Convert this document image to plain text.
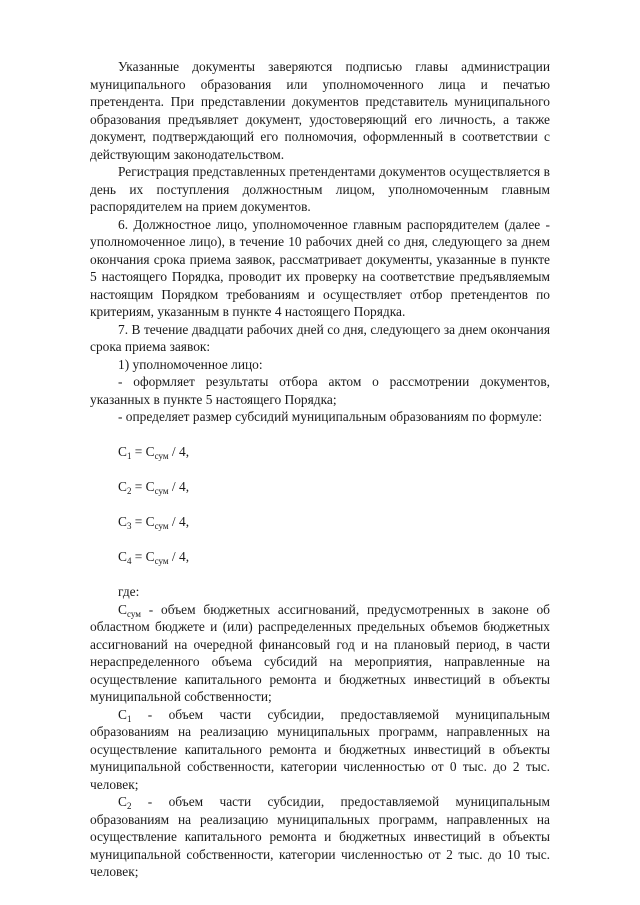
Указанные документы заверяются подписью главы администрации муниципального образования или уполномоченного лица и печатью претендента. При представлении документов представитель муниципального образования предъявляет документ, удостоверяющий его личность, а также документ, подтверждающий его полномочия, оформленный в соответствии с действующим законодательством.

Регистрация представленных претендентами документов осуществляется в день их поступления должностным лицом, уполномоченным главным распорядителем на прием документов.

6. Должностное лицо, уполномоченное главным распорядителем (далее - уполномоченное лицо), в течение 10 рабочих дней со дня, следующего за днем окончания срока приема заявок, рассматривает документы, указанные в пункте 5 настоящего Порядка, проводит их проверку на соответствие предъявляемым настоящим Порядком требованиям и осуществляет отбор претендентов по критериям, указанным в пункте 4 настоящего Порядка.

7. В течение двадцати рабочих дней со дня, следующего за днем окончания срока приема заявок:

1) уполномоченное лицо:

- оформляет результаты отбора актом о рассмотрении документов, указанных в пункте 5 настоящего Порядка;

- определяет размер субсидий муниципальным образованиям по формуле:

$C_1 = C_{сум} / 4$,

$C_2 = C_{сум} / 4$,

$C_3 = C_{сум} / 4$,

$C_4 = C_{сум} / 4$,

где:

$C_{сум}$ - объем бюджетных ассигнований, предусмотренных в законе об областном бюджете и (или) распределенных предельных объемов бюджетных ассигнований на очередной финансовый год и на плановый период, в части нераспределенного объема субсидий на мероприятия, направленные на осуществление капитального ремонта и бюджетных инвестиций в объекты муниципальной собственности;

$C_1$ - объем части субсидии, предоставляемой муниципальным образованиям на реализацию муниципальных программ, направленных на осуществление капитального ремонта и бюджетных инвестиций в объекты муниципальной собственности, категории численностью от 0 тыс. до 2 тыс. человек;

$C_2$ - объем части субсидии, предоставляемой муниципальным образованиям на реализацию муниципальных программ, направленных на осуществление капитального ремонта и бюджетных инвестиций в объекты муниципальной собственности, категории численностью от 2 тыс. до 10 тыс. человек;
